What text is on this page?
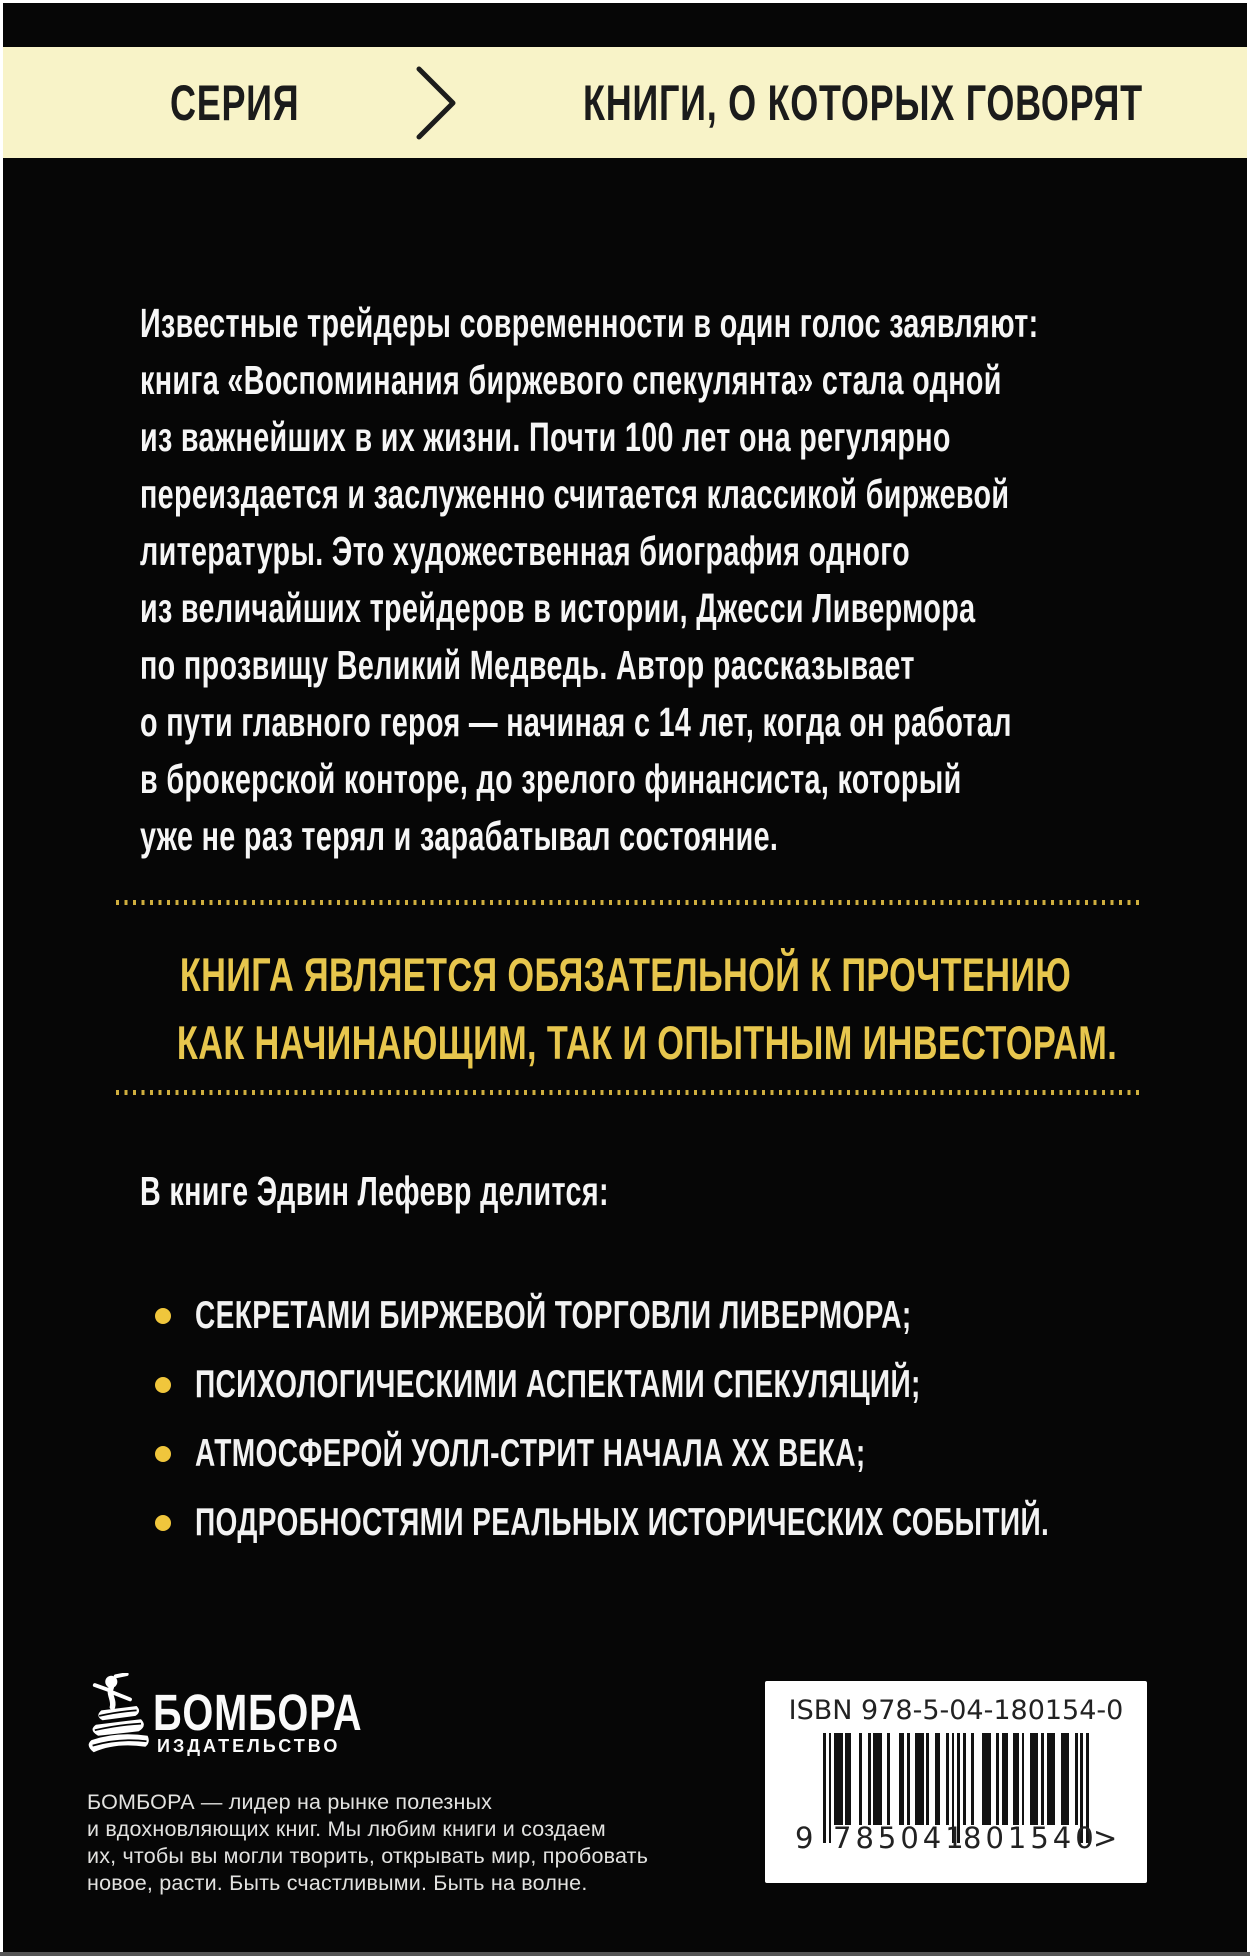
СЕРИЯ	КНИГИ, О КОТОРЫХ ГОВОРЯТ
Известные трейдеры современности в один голос заявляют:
книга «Воспоминания биржевого спекулянта» стала одной
из важнейших в их жизни. Почти 100 лет она регулярно
переиздается и заслуженно считается классикой биржевой
литературы. Это художественная биография одного
из величайших трейдеров в истории, Джесси Ливермора
по прозвищу Великий Медведь. Автор рассказывает
о пути главного героя — начиная с 14 лет, когда он работал
в брокерской конторе, до зрелого финансиста, который
уже не раз терял и зарабатывал состояние.
КНИГА ЯВЛЯЕТСЯ ОБЯЗАТЕЛЬНОЙ К ПРОЧТЕНИЮ
КАК НАЧИНАЮЩИМ, ТАК И ОПЫТНЫМ ИНВЕСТОРАМ.
В книге Эдвин Лефевр делится:
СЕКРЕТАМИ БИРЖЕВОЙ ТОРГОВЛИ ЛИВЕРМОРА;
ПСИХОЛОГИЧЕСКИМИ АСПЕКТАМИ СПЕКУЛЯЦИЙ;
АТМОСФЕРОЙ УОЛЛ-СТРИТ НАЧАЛА ХХ ВЕКА;
ПОДРОБНОСТЯМИ РЕАЛЬНЫХ ИСТОРИЧЕСКИХ СОБЫТИЙ.
БОМБОРА
ИЗДАТЕЛЬСТВО
БОМБОРА — лидер на рынке полезных
и вдохновляющих книг. Мы любим книги и создаем
их, чтобы вы могли творить, открывать мир, пробовать
новое, расти. Быть счастливыми. Быть на волне.
ISBN 978-5-04-180154-0
9 785041
801540
>
